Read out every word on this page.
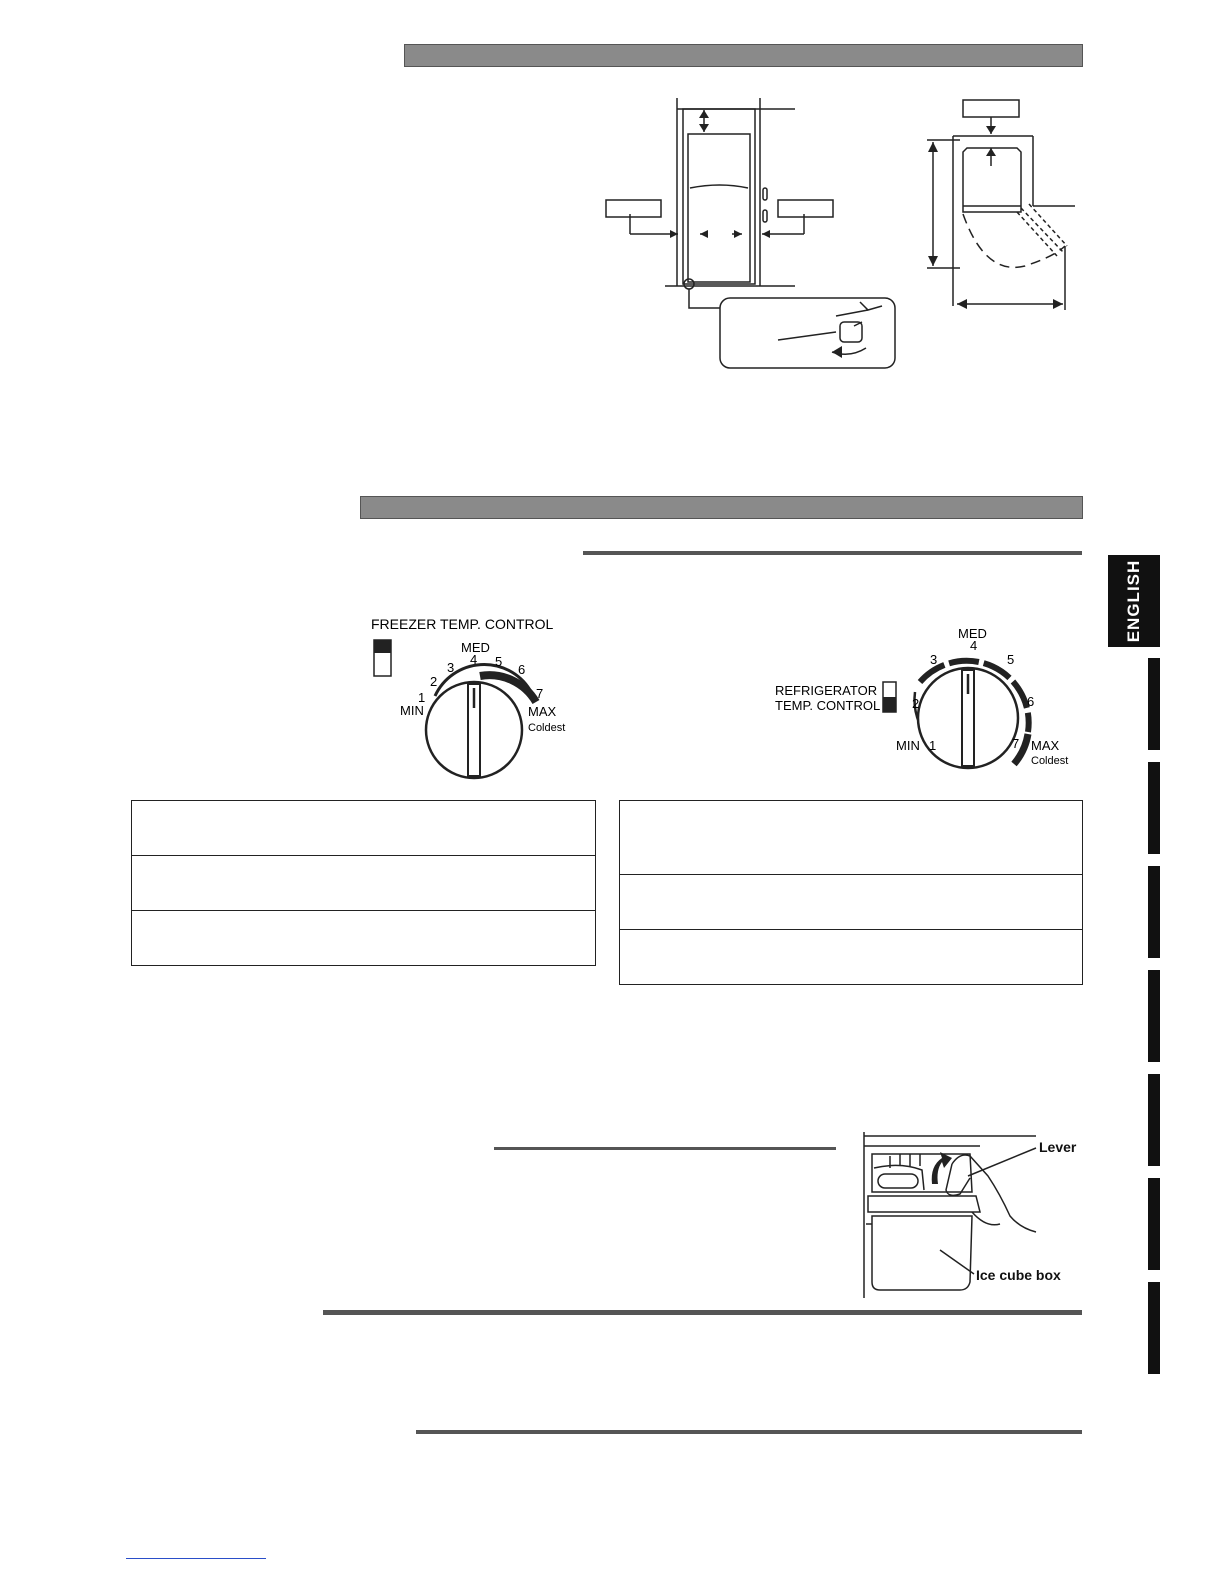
ENGLISH
FREEZER TEMP. CONTROL
MIN
1
2
3
MED
4 5
6
7
MAX
Coldest
REFRIGERATOR
TEMP. CONTROL
MED
4
3	5
2	6
MIN 1	7 MAX
Coldest
Lever
Ice cube box
